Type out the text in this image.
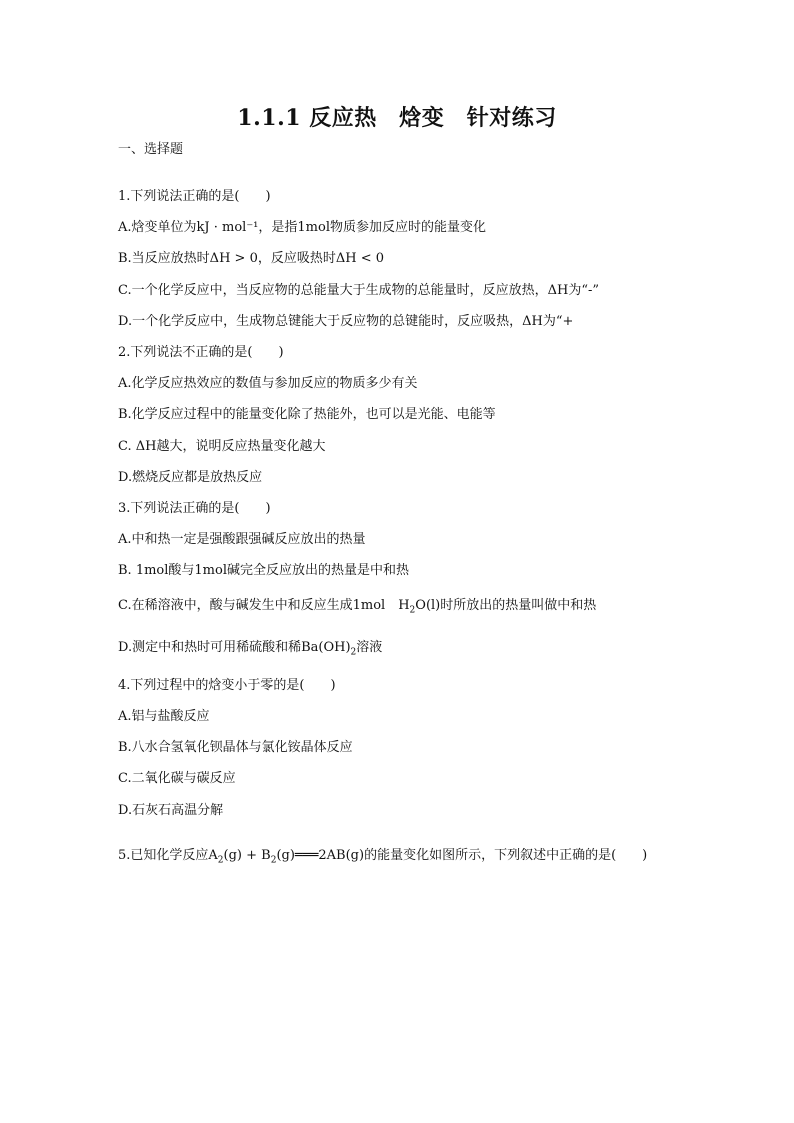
1.1.1 反应热　焓变　针对练习
一、选择题
1.下列说法正确的是(　　)
A.焓变单位为kJ · mol⁻¹，是指1mol物质参加反应时的能量变化
B.当反应放热时ΔH > 0，反应吸热时ΔH < 0
C.一个化学反应中，当反应物的总能量大于生成物的总能量时，反应放热，ΔH为“-”
D.一个化学反应中，生成物总键能大于反应物的总键能时，反应吸热，ΔH为“+
2.下列说法不正确的是(　　)
A.化学反应热效应的数值与参加反应的物质多少有关
B.化学反应过程中的能量变化除了热能外，也可以是光能、电能等
C. ΔH越大，说明反应热量变化越大
D.燃烧反应都是放热反应
3.下列说法正确的是(　　)
A.中和热一定是强酸跟强碱反应放出的热量
B. 1mol酸与1mol碱完全反应放出的热量是中和热
C.在稀溶液中，酸与碱发生中和反应生成1mol　$H_2O(l)$时所放出的热量叫做中和热
D.测定中和热时可用稀硫酸和稀$Ba(OH)_2$溶液
4.下列过程中的焓变小于零的是(　　)
A.铝与盐酸反应
B.八水合氢氧化钡晶体与氯化铵晶体反应
C.二氧化碳与碳反应
D.石灰石高温分解
5.已知化学反应$A_2(g)$ + $B_2(g)═══2AB(g)$的能量变化如图所示，下列叙述中正确的是(　　)
